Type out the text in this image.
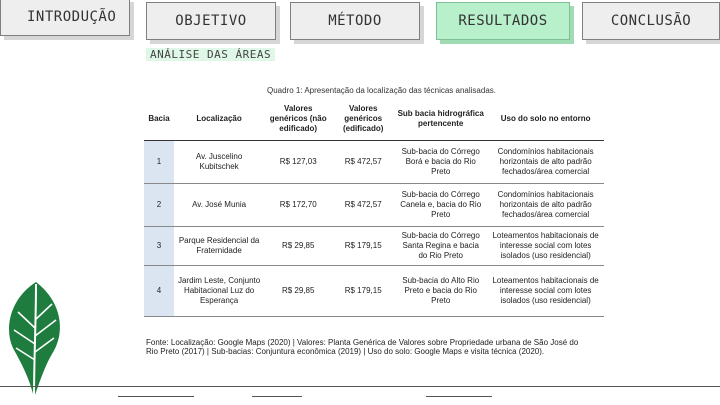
INTRODUÇÃO	OBJETIVO	MÉTODO	RESULTADOS	CONCLUSÃO
ANÁLISE DAS ÁREAS
Quadro 1: Apresentação da localização das técnicas analisadas.
Bacia	Localização	Valores genéricos (não edificado)	Valores genéricos (edificado)	Sub bacia hidrográfica pertencente	Uso do solo no entorno
1	Av. Juscelino Kubitschek	R$ 127,03	R$ 472,57	Sub-bacia do Córrego Borá e bacia do Rio Preto	Condomínios habitacionais horizontais de alto padrão fechados/área comercial
2	Av. José Munia	R$ 172,70	R$ 472,57	Sub-bacia do Córrego Canela e, bacia do Rio Preto	Condomínios habitacionais horizontais de alto padrão fechados/área comercial
3	Parque Residencial da Fraternidade	R$ 29,85	R$ 179,15	Sub-bacia do Córrego Santa Regina e bacia do Rio Preto	Loteamentos habitacionais de interesse social com lotes isolados (uso residencial)
4	Jardim Leste, Conjunto Habitacional Luz do Esperança	R$ 29,85	R$ 179,15	Sub-bacia do Alto Rio Preto e bacia do Rio Preto	Loteamentos habitacionais de interesse social com lotes isolados (uso residencial)
Fonte: Localização: Google Maps (2020) | Valores: Planta Genérica de Valores sobre Propriedade urbana de São José do Rio Preto (2017) | Sub-bacias: Conjuntura econômica (2019) | Uso do solo: Google Maps e visita técnica (2020).
